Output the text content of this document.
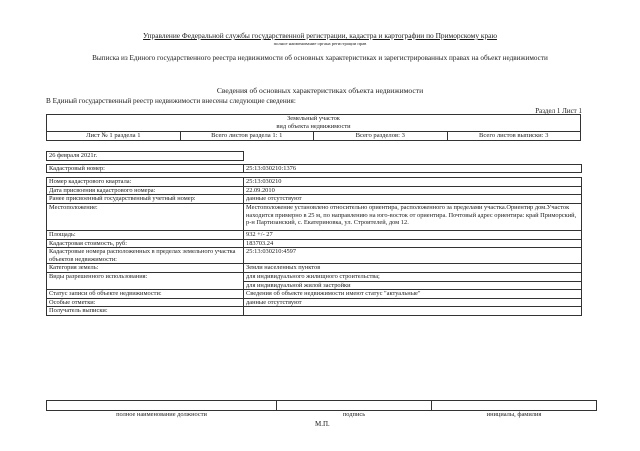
Управление Федеральной службы государственной регистрации, кадастра и картографии по Приморскому краю
полное наименование органа регистрации прав
Выписка из Единого государственного реестра недвижимости об основных характеристиках и зарегистрированных правах на объект недвижимости
Сведения об основных характеристиках объекта недвижимости
В Единый государственный реестр недвижимости внесены следующие сведения:
Раздел 1 Лист 1
Земельный участок
вид объекта недвижимости
Лист № 1 раздела 1	Всего листов раздела 1: 1	Всего разделов: 3	Всего листов выписки: 3
26 февраля 2021г.	

Кадастровый номер:	25:13:030210:1376

Номер кадастрового квартала:	25:13:030210
Дата присвоения кадастрового номера:	22.09.2010
Ранее присвоенный государственный учетный номер:	данные отсутствуют
Местоположение:	Местоположение установлено относительно ориентира, расположенного за пределами участка.Ориентир дом.Участок находится примерно в 25 м, по направлению на юго-восток от ориентира. Почтовый адрес ориентира: край Приморский, р-н Партизанский, с. Екатериновка, ул. Строителей, дом 12.
Площадь:	932 +/- 27
Кадастровая стоимость, руб:	183703.24
Кадастровые номера расположенных в пределах земельного участка объектов недвижимости:	25:13:030210:4597
Категория земель:	Земли населенных пунктов
Виды разрешенного использования:	для индивидуального жилищного строительства;
для индивидуальной жилой застройки

Статус записи об объекте недвижимости:	Сведения об объекте недвижимости имеют статус "актуальные"
Особые отметки:	данные отсутствуют
Получатель выписки:	

полное наименование должности	подпись	инициалы, фамилия
М.П.
